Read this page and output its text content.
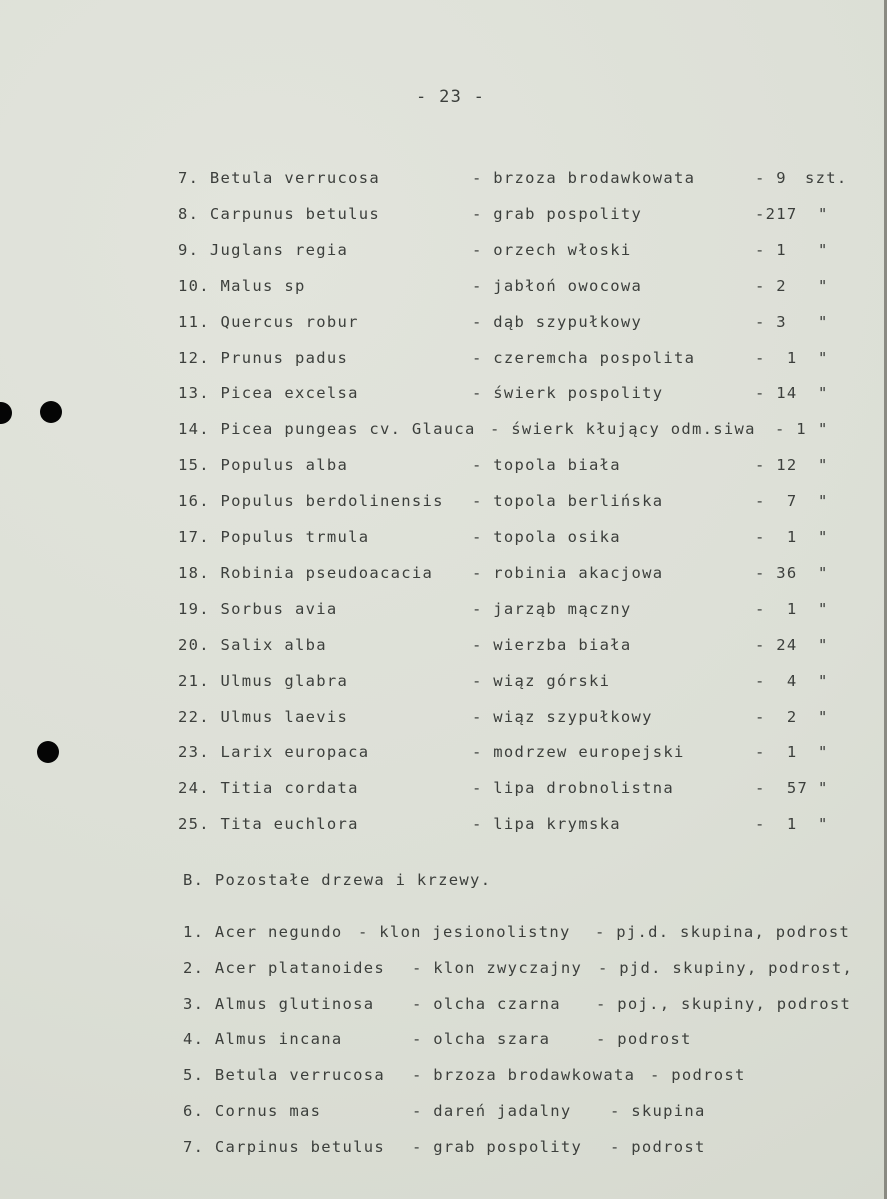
- 23 -
7. Betula verrucosa	- brzoza brodawkowata	- 9 szt.
8. Carpunus betulus	- grab pospolity	-217 "
9. Juglans regia	- orzech włoski	- 1 "
10. Malus sp	- jabłoń owocowa	- 2 "
11. Quercus robur	- dąb szypułkowy	- 3 "
12. Prunus padus	- czeremcha pospolita	-  1 "
13. Picea excelsa	- świerk pospolity	- 14 "
14. Picea pungeas cv. Glauca - świerk kłujący odm.siwa - 1 "
15. Populus alba	- topola biała	- 12 "
16. Populus berdolinensis - topola berlińska	-  7 "
17. Populus trmula	- topola osika	-  1 "
18. Robinia pseudoacacia	- robinia akacjowa	- 36 "
19. Sorbus avia	- jarząb mączny	-  1 "
20. Salix alba	- wierzba biała	- 24 "
21. Ulmus glabra	- wiąz górski	-  4 "
22. Ulmus laevis	- wiąz szypułkowy	-  2 "
23. Larix europaca	- modrzew europejski	-  1 "
24. Titia cordata	- lipa drobnolistna	-  57 "
25. Tita euchlora	- lipa krymska	-  1 "
B. Pozostałe drzewa i krzewy.
1. Acer negundo - klon jesionolistny - pj.d. skupina, podrost
2. Acer platanoides - klon zwyczajny - pjd. skupiny, podrost,
3. Almus glutinosa - olcha czarna - poj., skupiny, podrost
4. Almus incana	- olcha szara	- podrost
5. Betula verrucosa - brzoza brodawkowata - podrost
6. Cornus mas	- dareń jadalny - skupina
7. Carpinus betulus - grab pospolity - podrost
